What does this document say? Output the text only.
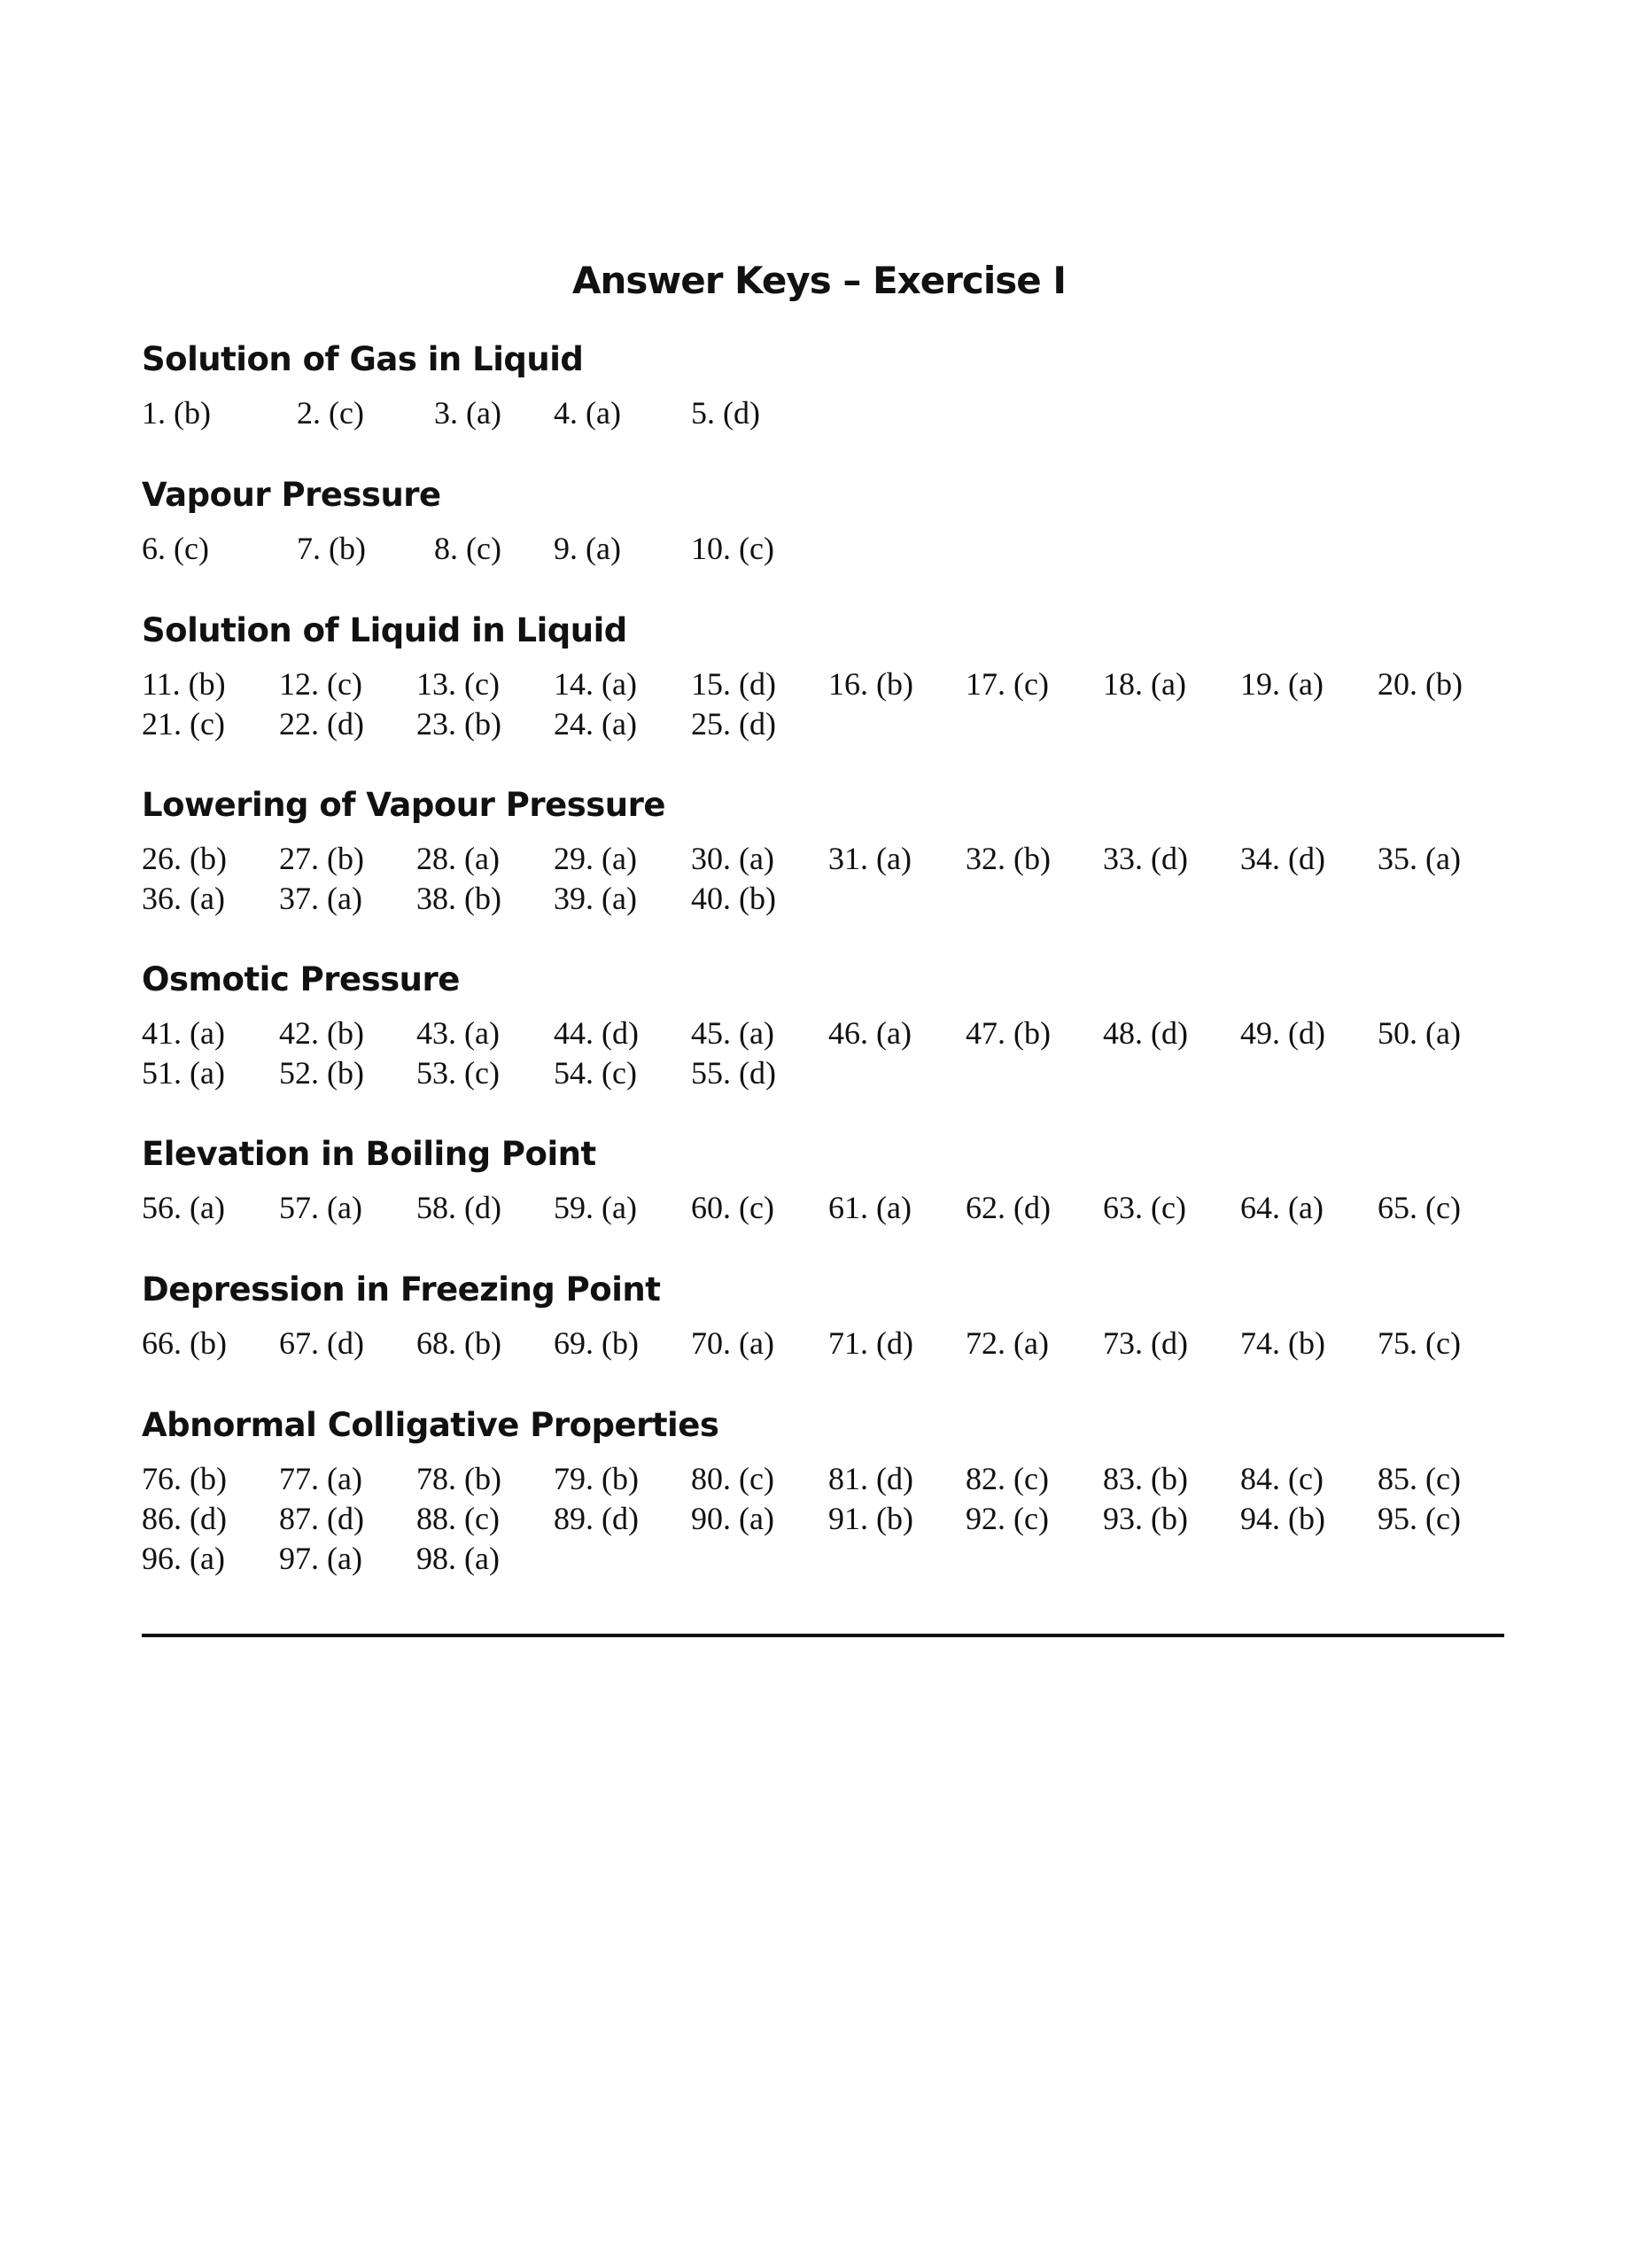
Answer Keys – Exercise I
Solution of Gas in Liquid
1. (b)	2. (c) 3. (a) 4. (a) 5. (d)
Vapour Pressure
6. (c)	7. (b) 8. (c) 9. (a) 10. (c)
Solution of Liquid in Liquid
11. (b) 12. (c) 13. (c) 14. (a) 15. (d) 16. (b) 17. (c) 18. (a) 19. (a) 20. (b)
21. (c) 22. (d) 23. (b) 24. (a) 25. (d)
Lowering of Vapour Pressure
26. (b) 27. (b) 28. (a) 29. (a) 30. (a) 31. (a) 32. (b) 33. (d) 34. (d) 35. (a)
36. (a) 37. (a) 38. (b) 39. (a) 40. (b)
Osmotic Pressure
41. (a) 42. (b) 43. (a) 44. (d) 45. (a) 46. (a) 47. (b) 48. (d) 49. (d) 50. (a)
51. (a) 52. (b) 53. (c) 54. (c) 55. (d)
Elevation in Boiling Point
56. (a) 57. (a) 58. (d) 59. (a) 60. (c) 61. (a) 62. (d) 63. (c) 64. (a) 65. (c)
Depression in Freezing Point
66. (b) 67. (d) 68. (b) 69. (b) 70. (a) 71. (d) 72. (a) 73. (d) 74. (b) 75. (c)
Abnormal Colligative Properties
76. (b) 77. (a) 78. (b) 79. (b) 80. (c) 81. (d) 82. (c) 83. (b) 84. (c) 85. (c)
86. (d) 87. (d) 88. (c) 89. (d) 90. (a) 91. (b) 92. (c) 93. (b) 94. (b) 95. (c)
96. (a) 97. (a) 98. (a)
